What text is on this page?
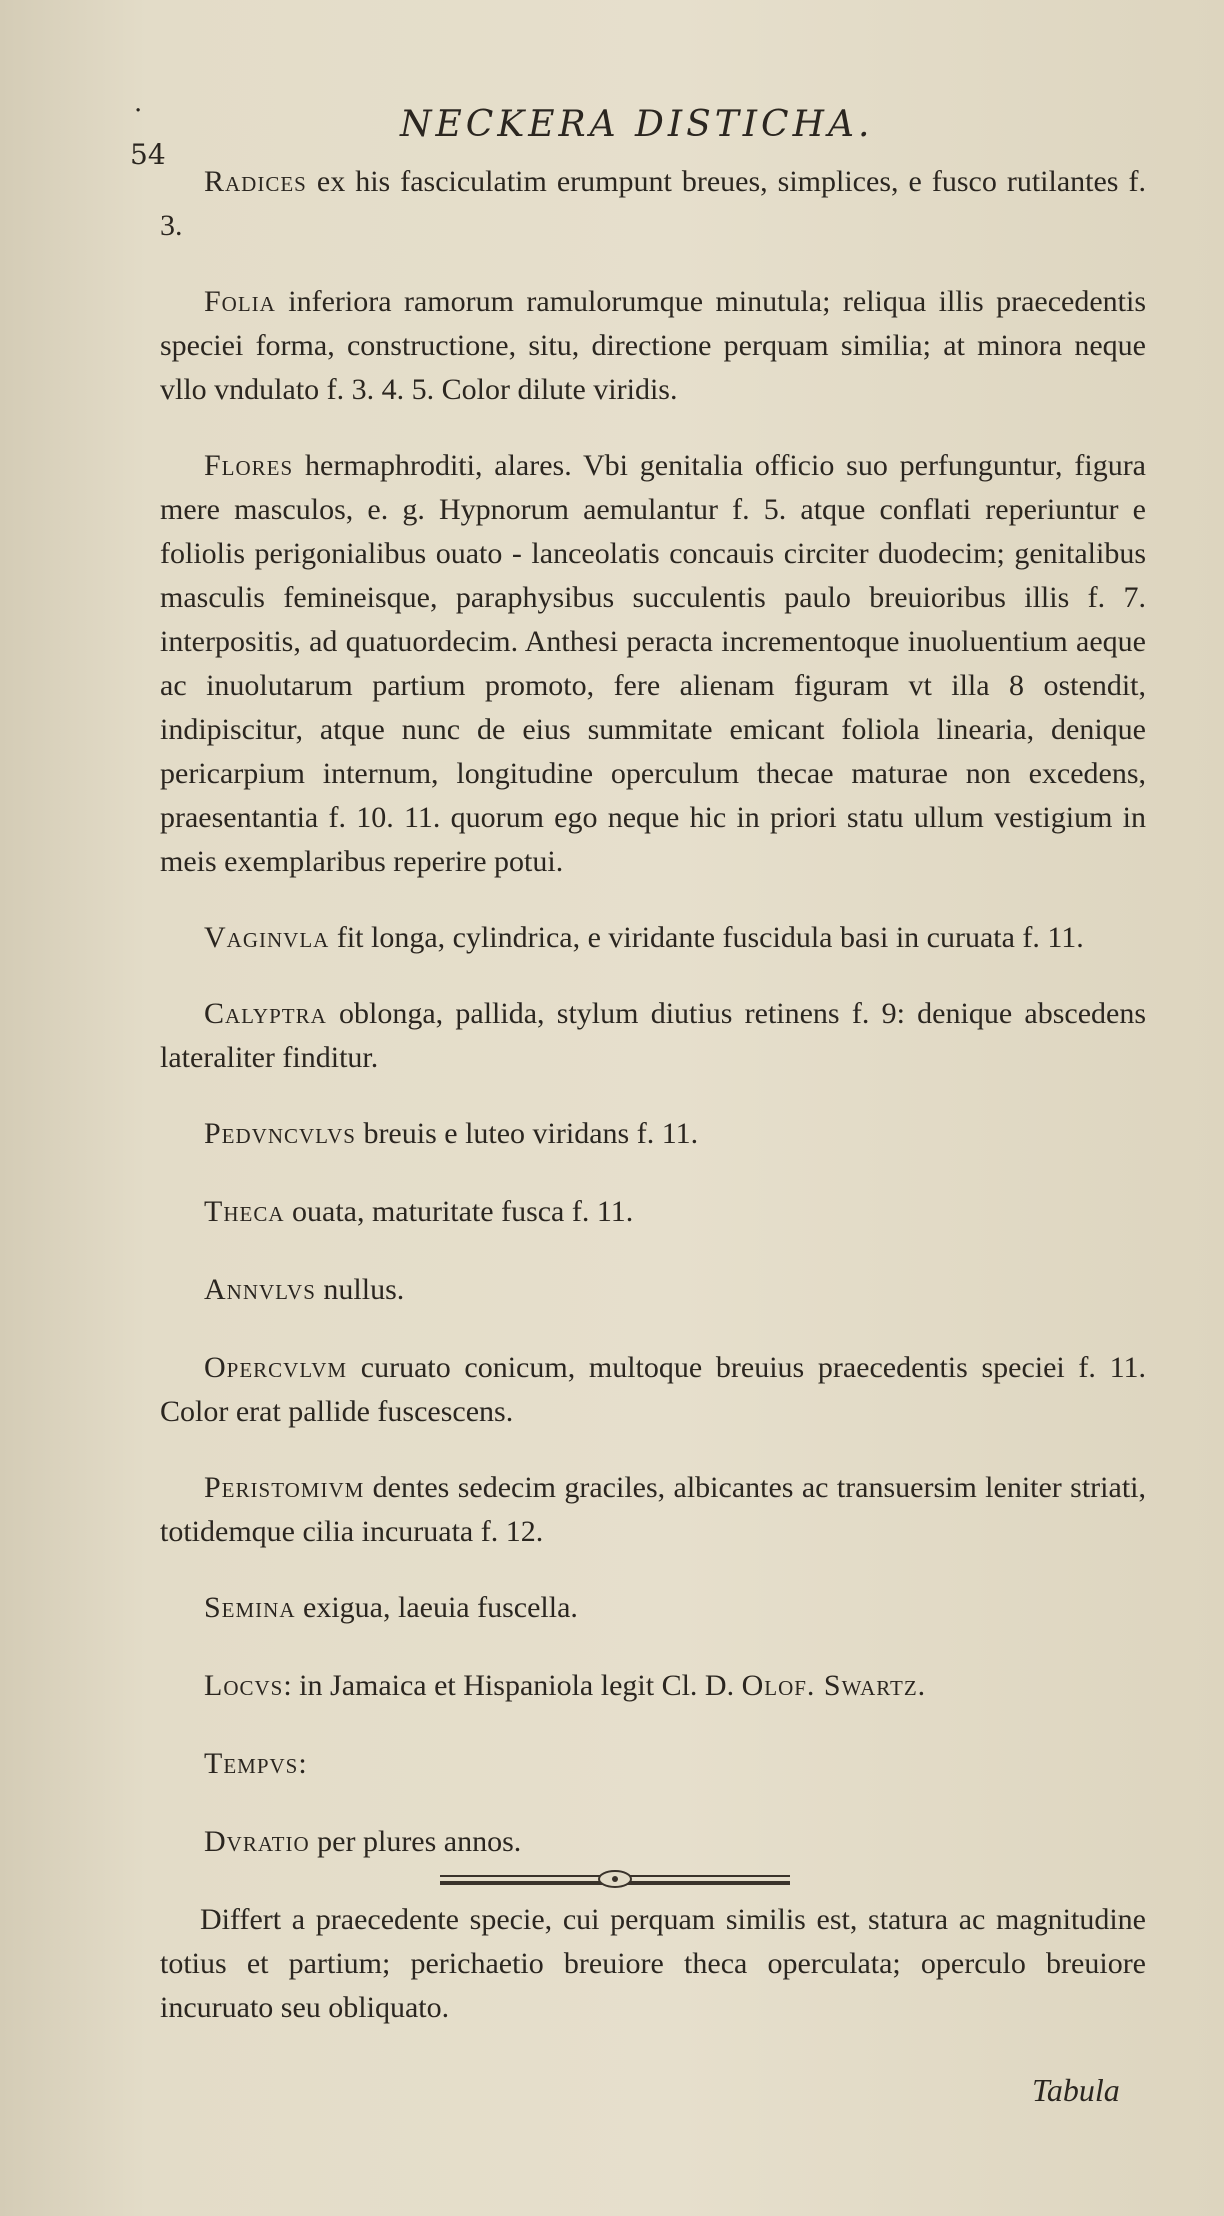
·
54
NECKERA DISTICHA.

Radices ex his fasciculatim erumpunt breues, simplices, e fusco rutilantes f. 3.

Folia inferiora ramorum ramulorumque minutula; reliqua illis praecedentis speciei forma, constructione, situ, directione perquam similia; at minora neque vllo vndulato f. 3. 4. 5. Color dilute viridis.

Flores hermaphroditi, alares. Vbi genitalia officio suo perfunguntur, figura mere masculos, e. g. Hypnorum aemulantur f. 5. atque conflati reperiuntur e foliolis perigonialibus ouato - lanceolatis concauis circiter duodecim; genitalibus masculis femineisque, paraphysibus succulentis paulo breuioribus illis f. 7. interpositis, ad quatuordecim. Anthesi peracta incrementoque inuoluentium aeque ac inuolutarum partium promoto, fere alienam figuram vt illa 8 ostendit, indipiscitur, atque nunc de eius summitate emicant foliola linearia, denique pericarpium internum, longitudine operculum thecae maturae non excedens, praesentantia f. 10. 11. quorum ego neque hic in priori statu ullum vestigium in meis exemplaribus reperire potui.

Vaginvla fit longa, cylindrica, e viridante fuscidula basi in curuata f. 11.

Calyptra oblonga, pallida, stylum diutius retinens f. 9: denique abscedens lateraliter finditur.

Pedvncvlvs breuis e luteo viridans f. 11.

Theca ouata, maturitate fusca f. 11.

Annvlvs nullus.

Opercvlvm curuato conicum, multoque breuius praecedentis speciei f. 11. Color erat pallide fuscescens.

Peristomivm dentes sedecim graciles, albicantes ac transuersim leniter striati, totidemque cilia incuruata f. 12.

Semina exigua, laeuia fuscella.

Locvs: in Jamaica et Hispaniola legit Cl. D. Olof. Swartz.

Tempvs:

Dvratio per plures annos.

Differt a praecedente specie, cui perquam similis est, statura ac magnitudine totius et partium; perichaetio breuiore theca operculata; operculo breuiore incuruato seu obliquato.

Tabula
